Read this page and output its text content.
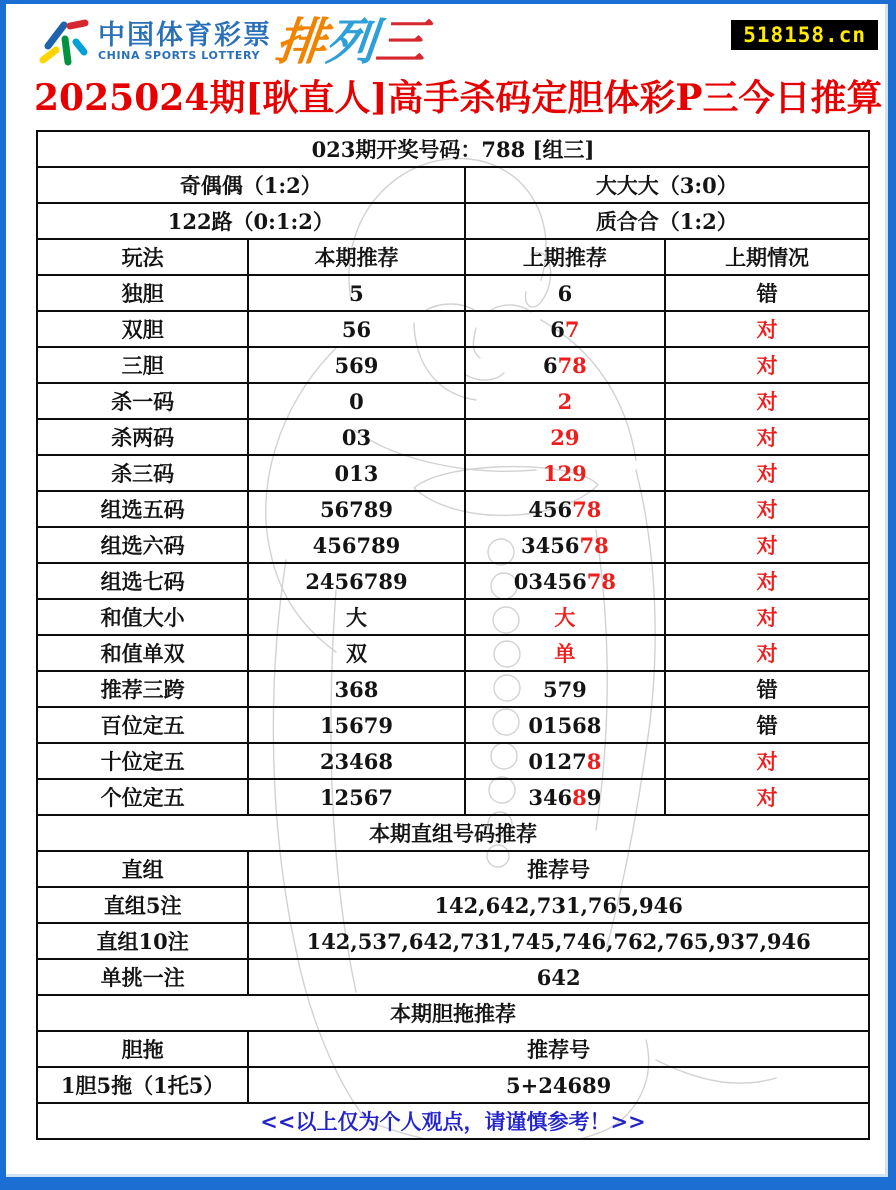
中国体育彩票
CHINA SPORTS LOTTERY 排列三	518158.cn
2025024期[耿直人]高手杀码定胆体彩P三今日推算
023期开奖号码：788 [组三]			
奇偶偶（1:2）		大大大（3:0）	
122路（0:1:2）		质合合（1:2）	
玩法	本期推荐	上期推荐	上期情况
独胆	5	6	错
双胆	56	67	对
三胆	569	678	对
杀一码	0	2	对
杀两码	03	29	对
杀三码	013	129	对
组选五码	56789	45678	对
组选六码	456789	345678	对
组选七码	2456789	0345678	对
和值大小	大	大	对
和值单双	双	单	对
推荐三跨	368	579	错
百位定五	15679	01568	错
十位定五	23468	01278	对
个位定五	12567	34689	对
本期直组号码推荐			
直组	推荐号		
直组5注	142,642,731,765,946		
直组10注	142,537,642,731,745,746,762,765,937,946		
单挑一注	642		
本期胆拖推荐			
胆拖	推荐号		
1胆5拖（1托5）	5+24689		
<<以上仅为个人观点，请谨慎参考！>>			
